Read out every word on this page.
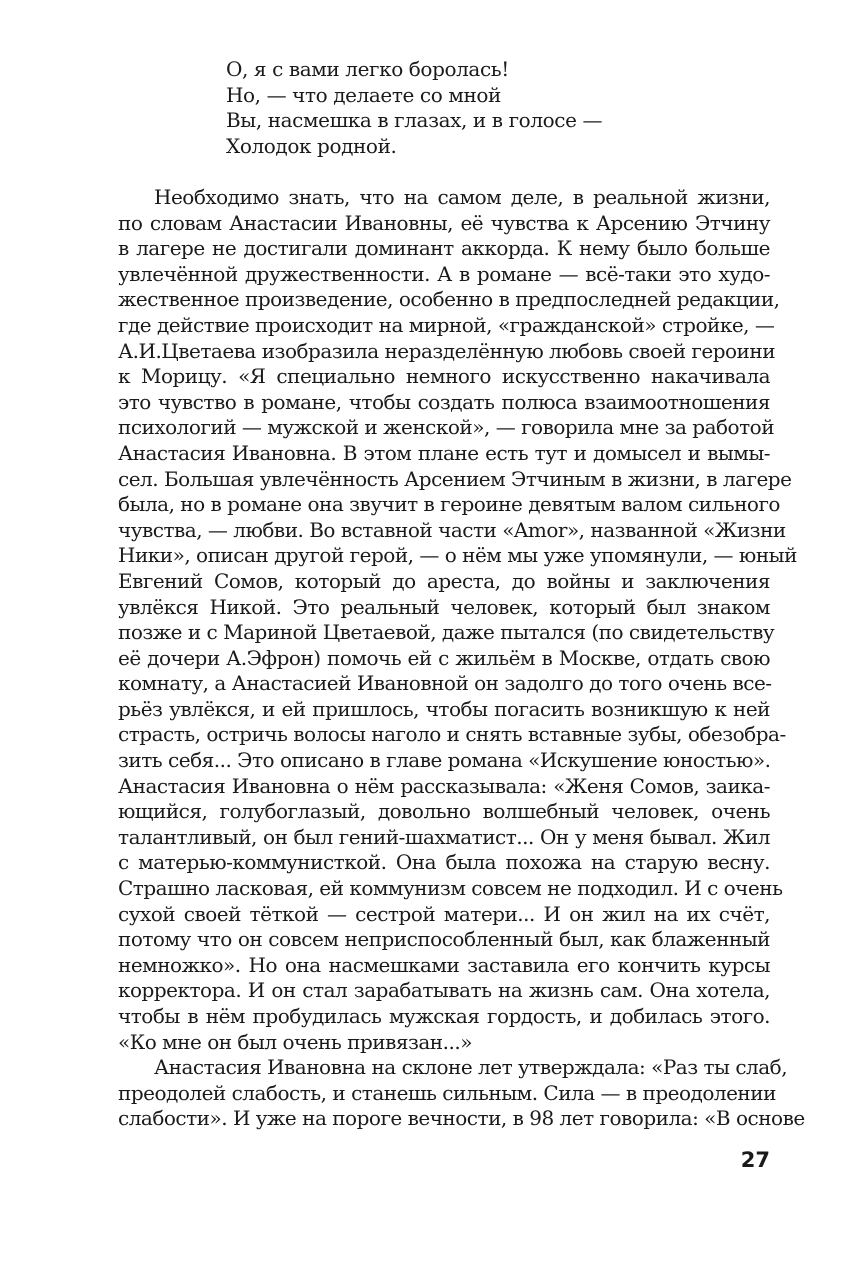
О, я с вами легко боролась!
Но, — что делаете со мной
Вы, насмешка в глазах, и в голосе —
Холодок родной.
Необходимо знать, что на самом деле, в реальной жизни,
по словам Анастасии Ивановны, её чувства к Арсению Этчину
в лагере не достигали доминант аккорда. К нему было больше
увлечённой дружественности. А в романе — всё-таки это худо-
жественное произведение, особенно в предпоследней редакции,
где действие происходит на мирной, «гражданской» стройке, —
А.И.Цветаева изобразила неразделённую любовь своей героини
к Морицу. «Я специально немного искусственно накачивала
это чувство в романе, чтобы создать полюса взаимоотношения
психологий — мужской и женской», — говорила мне за работой
Анастасия Ивановна. В этом плане есть тут и домысел и вымы-
сел. Большая увлечённость Арсением Этчиным в жизни, в лагере
была, но в романе она звучит в героине девятым валом сильного
чувства, — любви. Во вставной части «Amor», названной «Жизни
Ники», описан другой герой, — о нём мы уже упомянули, — юный
Евгений Сомов, который до ареста, до войны и заключения
увлёкся Никой. Это реальный человек, который был знаком
позже и с Мариной Цветаевой, даже пытался (по свидетельству
её дочери А.Эфрон) помочь ей с жильём в Москве, отдать свою
комнату, а Анастасией Ивановной он задолго до того очень всe-
рьёз увлёкся, и ей пришлось, чтобы погасить возникшую к ней
страсть, остричь волосы наголо и снять вставные зубы, обезобра-
зить себя... Это описано в главе романа «Искушение юностью».
Анастасия Ивановна о нём рассказывала: «Женя Сомов, заика-
ющийся, голубоглазый, довольно волшебный человек, очень
талантливый, он был гений-шахматист... Он у меня бывал. Жил
с матерью-коммунисткой. Она была похожа на старую весну.
Страшно ласковая, ей коммунизм совсем не подходил. И с очень
сухой своей тёткой — сестрой матери... И он жил на их счёт,
потому что он совсем неприспособленный был, как блаженный
немножко». Но она насмешками заставила его кончить курсы
корректора. И он стал зарабатывать на жизнь сам. Она хотела,
чтобы в нём пробудилась мужская гордость, и добилась этого.
«Ко мне он был очень привязан...»
Анастасия Ивановна на склоне лет утверждала: «Раз ты слаб,
преодолей слабость, и станешь сильным. Сила — в преодолении
слабости». И уже на пороге вечности, в 98 лет говорила: «В основе
27
